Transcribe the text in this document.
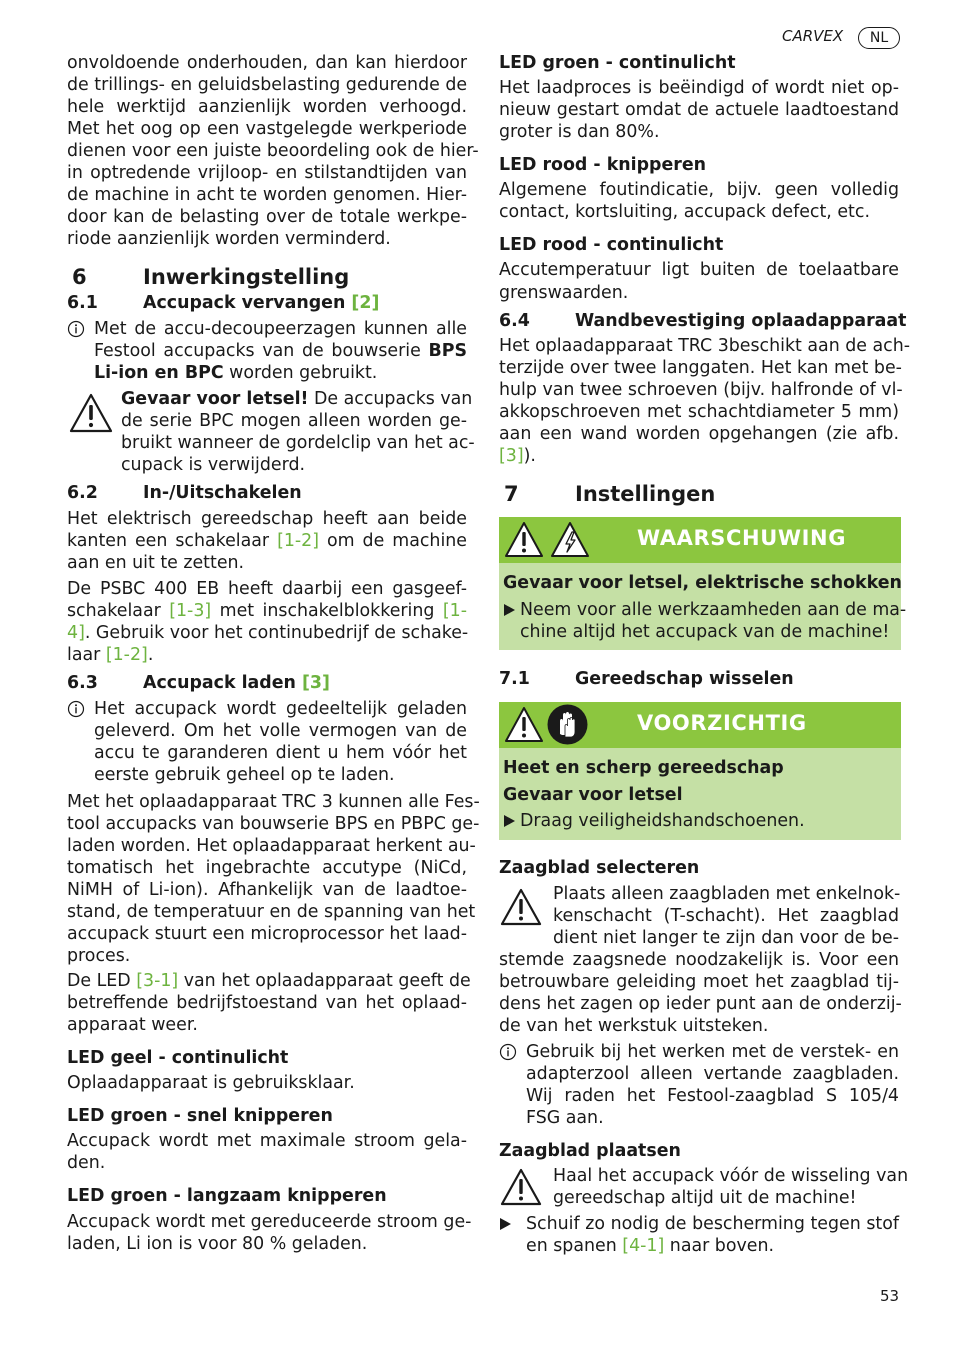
CARVEX	NL
onvoldoende onderhouden, dan kan hierdoor
de trillings- en geluidsbelasting gedurende de
hele werktijd aanzienlijk worden verhoogd.
Met het oog op een vastgelegde werkperiode
dienen voor een juiste beoordeling ook de hier-
in optredende vrijloop- en stilstandtijden van
de machine in acht te worden genomen. Hier-
door kan de belasting over de totale werkpe-
riode aanzienlijk worden verminderd.
6	Inwerkingstelling
6.1	Accupack vervangen [2]
Met de accu-decoupeerzagen kunnen alle
Festool accupacks van de bouwserie BPS
Li-ion en BPC worden gebruikt.
Gevaar voor letsel! De accupacks van
de serie BPC mogen alleen worden ge-
bruikt wanneer de gordelclip van het ac-
cupack is verwijderd.
6.2	In-/Uitschakelen
Het elektrisch gereedschap heeft aan beide
kanten een schakelaar [1-2] om de machine
aan en uit te zetten.
De PSBC 400 EB heeft daarbij een gasgeef-
schakelaar [1-3] met inschakelblokkering [1-
4]. Gebruik voor het continubedrijf de schake-
laar [1-2].
6.3	Accupack laden [3]
Het accupack wordt gedeeltelijk geladen
geleverd. Om het volle vermogen van de
accu te garanderen dient u hem vóór het
eerste gebruik geheel op te laden.
Met het oplaadapparaat TRC 3 kunnen alle Fes-
tool accupacks van bouwserie BPS en PBPC ge-
laden worden. Het oplaadapparaat herkent au-
tomatisch het ingebrachte accutype (NiCd,
NiMH of Li-ion). Afhankelijk van de laadtoe-
stand, de temperatuur en de spanning van het
accupack stuurt een microprocessor het laad-
proces.
De LED [3-1] van het oplaadapparaat geeft de
betreffende bedrijfstoestand van het oplaad-
apparaat weer.
LED geel - continulicht
Oplaadapparaat is gebruiksklaar.
LED groen - snel knipperen
Accupack wordt met maximale stroom gela-
den.
LED groen - langzaam knipperen
Accupack wordt met gereduceerde stroom ge-
laden, Li ion is voor 80 % geladen.
LED groen - continulicht
Het laadproces is beëindigd of wordt niet op-
nieuw gestart omdat de actuele laadtoestand
groter is dan 80%.
LED rood - knipperen
Algemene foutindicatie, bijv. geen volledig
contact, kortsluiting, accupack defect, etc.
LED rood - continulicht
Accutemperatuur ligt buiten de toelaatbare
grenswaarden.
6.4	Wandbevestiging oplaadapparaat
Het oplaadapparaat TRC 3beschikt aan de ach-
terzijde over twee langgaten. Het kan met be-
hulp van twee schroeven (bijv. halfronde of vl-
akkopschroeven met schachtdiameter 5 mm)
aan een wand worden opgehangen (zie afb.
[3]).
7	Instellingen
WAARSCHUWING
Gevaar voor letsel, elektrische schokken
Neem voor alle werkzaamheden aan de ma-
chine altijd het accupack van de machine!
7.1	Gereedschap wisselen
VOORZICHTIG
Heet en scherp gereedschap
Gevaar voor letsel
Draag veiligheidshandschoenen.
Zaagblad selecteren
Plaats alleen zaagbladen met enkelnok-
kenschacht (T-schacht). Het zaagblad
dient niet langer te zijn dan voor de be-
stemde zaagsnede noodzakelijk is. Voor een
betrouwbare geleiding moet het zaagblad tij-
dens het zagen op ieder punt aan de onderzij-
de van het werkstuk uitsteken.
Gebruik bij het werken met de verstek- en
adapterzool alleen vertande zaagbladen.
Wij raden het Festool-zaagblad S 105/4
FSG aan.
Zaagblad plaatsen
Haal het accupack vóór de wisseling van
gereedschap altijd uit de machine!
Schuif zo nodig de bescherming tegen stof
en spanen [4-1] naar boven.
53
